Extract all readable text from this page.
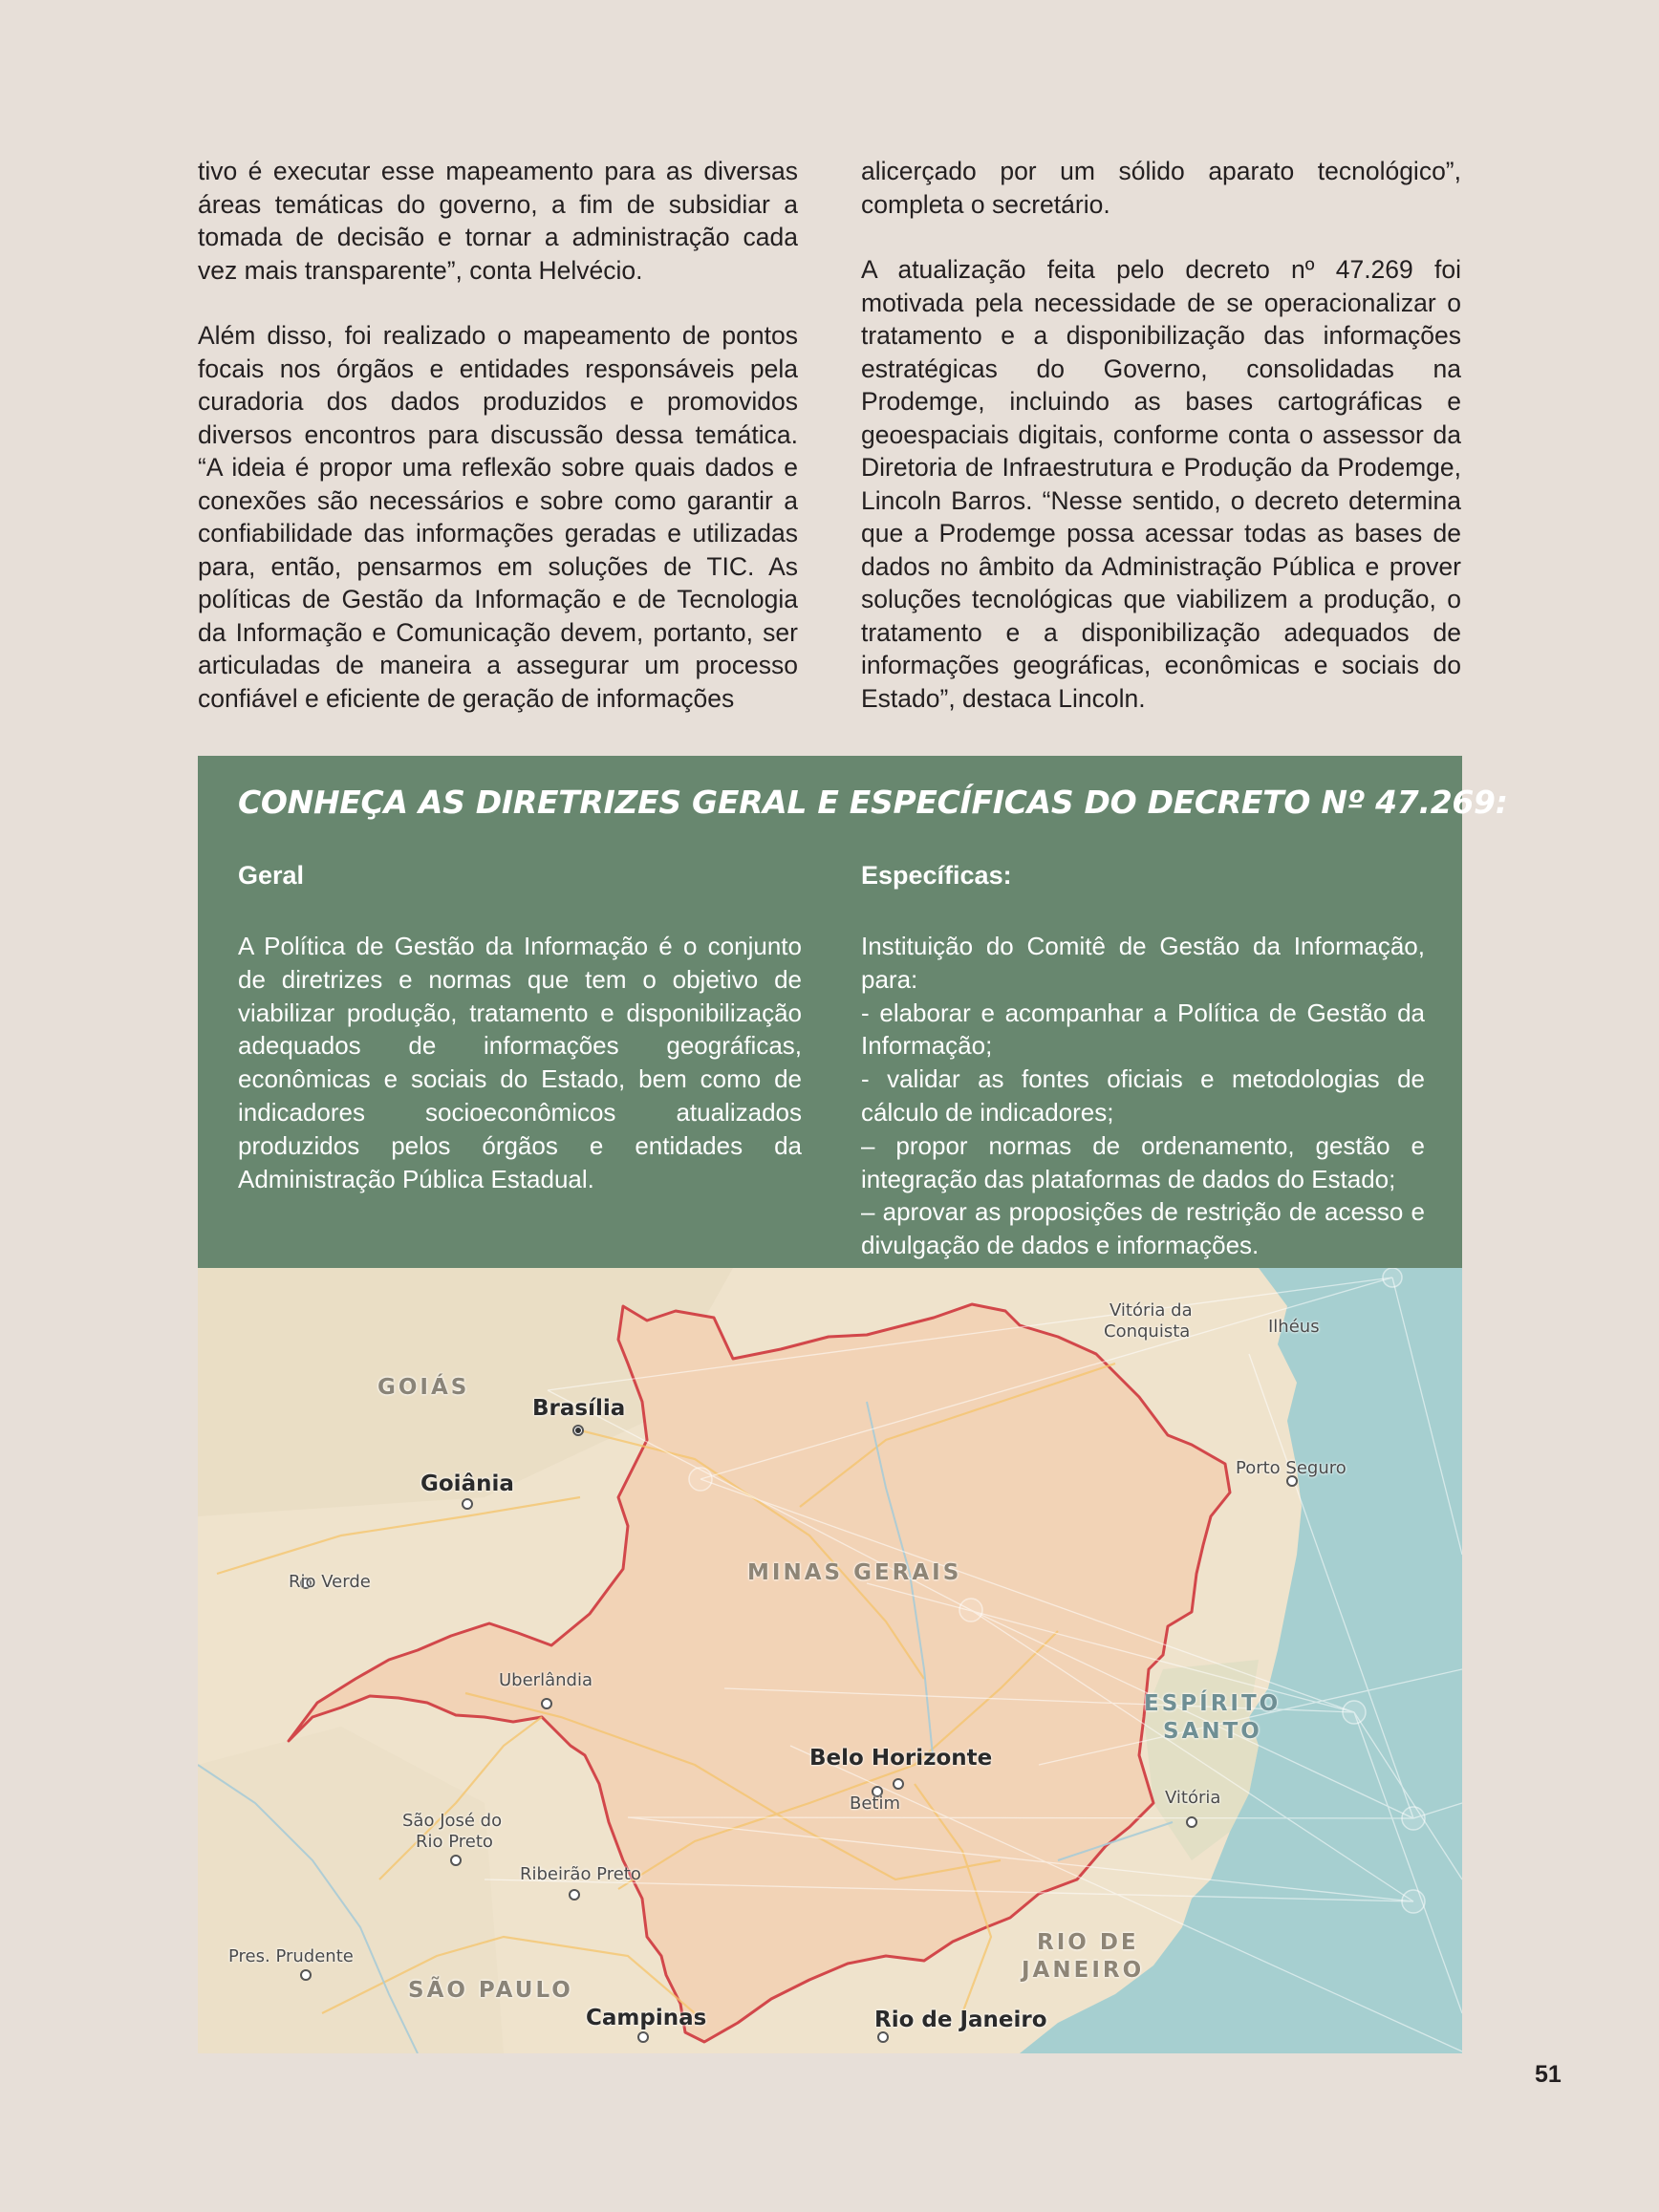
tivo é executar esse mapeamento para as diversas áreas temáticas do governo, a fim de subsidiar a tomada de decisão e tornar a administração cada vez mais transparente”, conta Helvécio.

Além disso, foi realizado o mapeamento de pontos focais nos órgãos e entidades responsáveis pela curadoria dos dados produzidos e promovidos diversos encontros para discussão dessa temática. “A ideia é propor uma reflexão sobre quais dados e conexões são necessários e sobre como garantir a confiabilidade das informações geradas e utilizadas para, então, pensarmos em soluções de TIC. As políticas de Gestão da Informação e de Tecnologia da Informação e Comunicação devem, portanto, ser articuladas de maneira a assegurar um processo confiável e eficiente de geração de informações

alicerçado por um sólido aparato tecnológico”, completa o secretário.

A atualização feita pelo decreto nº 47.269 foi motivada pela necessidade de se operacionalizar o tratamento e a disponibilização das informações estratégicas do Governo, consolidadas na Prodemge, incluindo as bases cartográficas e geoespaciais digitais, conforme conta o assessor da Diretoria de Infraestrutura e Produção da Prodemge, Lincoln Barros. “Nesse sentido, o decreto determina que a Prodemge possa acessar todas as bases de dados no âmbito da Administração Pública e prover soluções tecnológicas que viabilizem a produção, o tratamento e a disponibilização adequados de informações geográficas, econômicas e sociais do Estado”, destaca Lincoln.

CONHEÇA AS DIRETRIZES GERAL E ESPECÍFICAS DO DECRETO Nº 47.269:
Geral

A Política de Gestão da Informação é o conjunto de diretrizes e normas que tem o objetivo de viabilizar produção, tratamento e disponibilização adequados de informações geográficas, econômicas e sociais do Estado, bem como de indicadores socioeconômicos atualizados produzidos pelos órgãos e entidades da Administração Pública Estadual.

Específicas:

Instituição do Comitê de Gestão da Informação, para:
- elaborar e acompanhar a Política de Gestão da Informação;
- validar as fontes oficiais e metodologias de cálculo de indicadores;
– propor normas de ordenamento, gestão e integração das plataformas de dados do Estado;
– aprovar as proposições de restrição de acesso e divulgação de dados e informações.

GOIÁS
Brasília
Goiânia
Rio Verde	MINAS GERAIS
Uberlândia
São José do
Rio Preto
Ribeirão Preto
Pres. Prudente
SÃO PAULO
Campinas
Belo Horizonte
Betim
Rio de Janeiro
RIO DE
JANEIRO
ESPÍRITO
SANTO
Vitória
Vitória da
Conquista	Ilhéus
Porto Seguro
51
